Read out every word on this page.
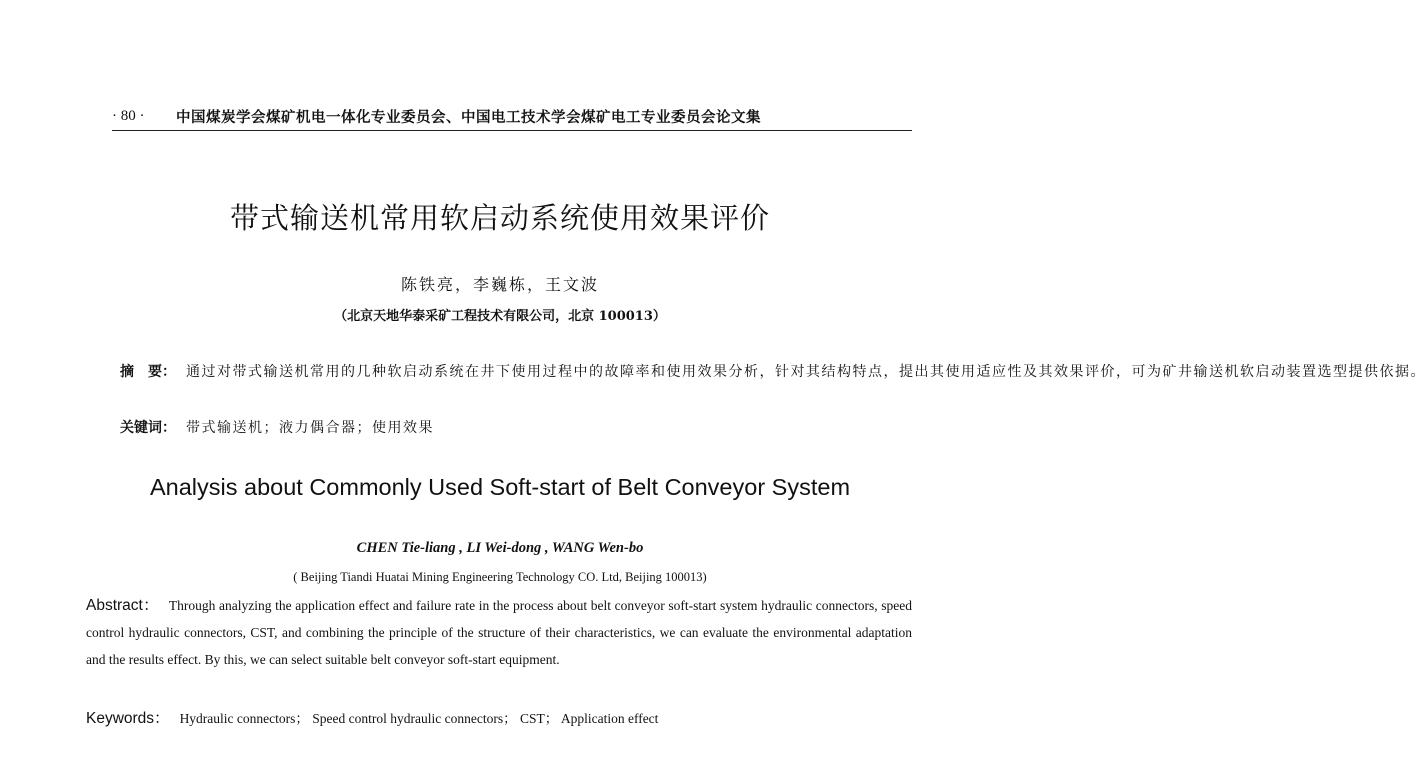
· 80 ·	中国煤炭学会煤矿机电一体化专业委员会、中国电工技术学会煤矿电工专业委员会论文集
带式输送机常用软启动系统使用效果评价
陈铁亮，李巍栋，王文波
（北京天地华泰采矿工程技术有限公司，北京 100013）
摘　要： 通过对带式输送机常用的几种软启动系统在井下使用过程中的故障率和使用效果分析，针对其结构特点，提出其使用适应性及其效果评价，可为矿井输送机软启动装置选型提供依据。
关键词： 带式输送机；液力偶合器；使用效果
Analysis about Commonly Used Soft-start of Belt Conveyor System
CHEN Tie-liang , LI Wei-dong , WANG Wen-bo
( Beijing Tiandi Huatai Mining Engineering Technology CO. Ltd, Beijing 100013)
Abstract： Through analyzing the application effect and failure rate in the process about belt conveyor soft-start system hydraulic connectors, speed control hydraulic connectors, CST, and combining the principle of the structure of their characteristics, we can evaluate the environmental adaptation and the results effect. By this, we can select suitable belt conveyor soft-start equipment.
Keywords： Hydraulic connectors； Speed control hydraulic connectors； CST； Application effect
